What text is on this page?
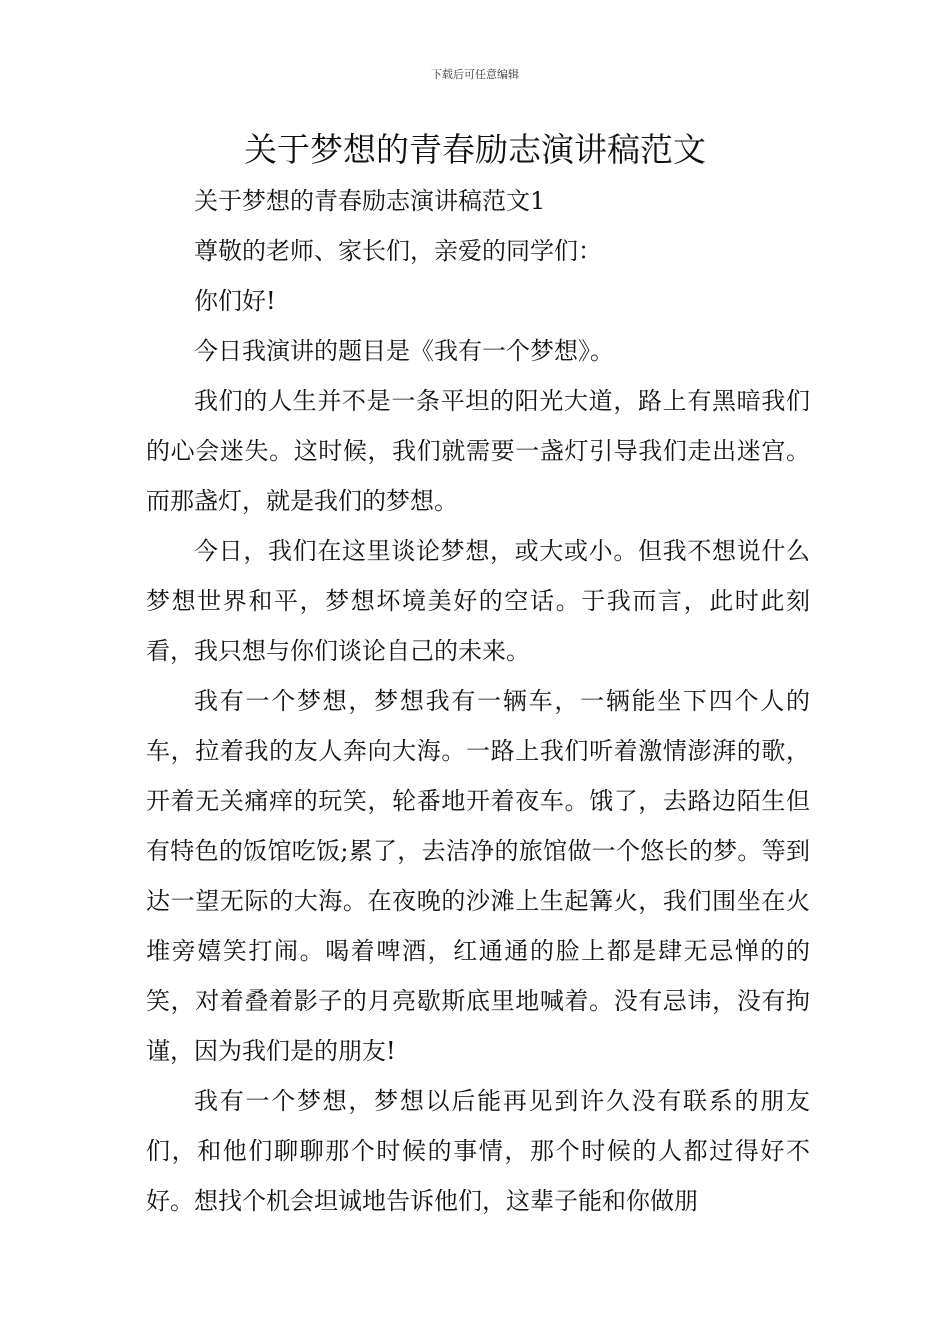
下载后可任意编辑
关于梦想的青春励志演讲稿范文

关于梦想的青春励志演讲稿范文1

尊敬的老师、家长们，亲爱的同学们：

你们好!

今日我演讲的题目是《我有一个梦想》。

我们的人生并不是一条平坦的阳光大道，路上有黑暗我们的心会迷失。这时候，我们就需要一盏灯引导我们走出迷宫。而那盏灯，就是我们的梦想。

今日，我们在这里谈论梦想，或大或小。但我不想说什么梦想世界和平，梦想坏境美好的空话。于我而言，此时此刻看，我只想与你们谈论自己的未来。

我有一个梦想，梦想我有一辆车，一辆能坐下四个人的车，拉着我的友人奔向大海。一路上我们听着激情澎湃的歌，开着无关痛痒的玩笑，轮番地开着夜车。饿了，去路边陌生但有特色的饭馆吃饭;累了，去洁净的旅馆做一个悠长的梦。等到达一望无际的大海。在夜晚的沙滩上生起篝火，我们围坐在火堆旁嬉笑打闹。喝着啤酒，红通通的脸上都是肆无忌惮的的笑，对着叠着影子的月亮歇斯底里地喊着。没有忌讳，没有拘谨，因为我们是的朋友!

我有一个梦想，梦想以后能再见到许久没有联系的朋友们，和他们聊聊那个时候的事情，那个时候的人都过得好不好。想找个机会坦诚地告诉他们，这辈子能和你做朋
